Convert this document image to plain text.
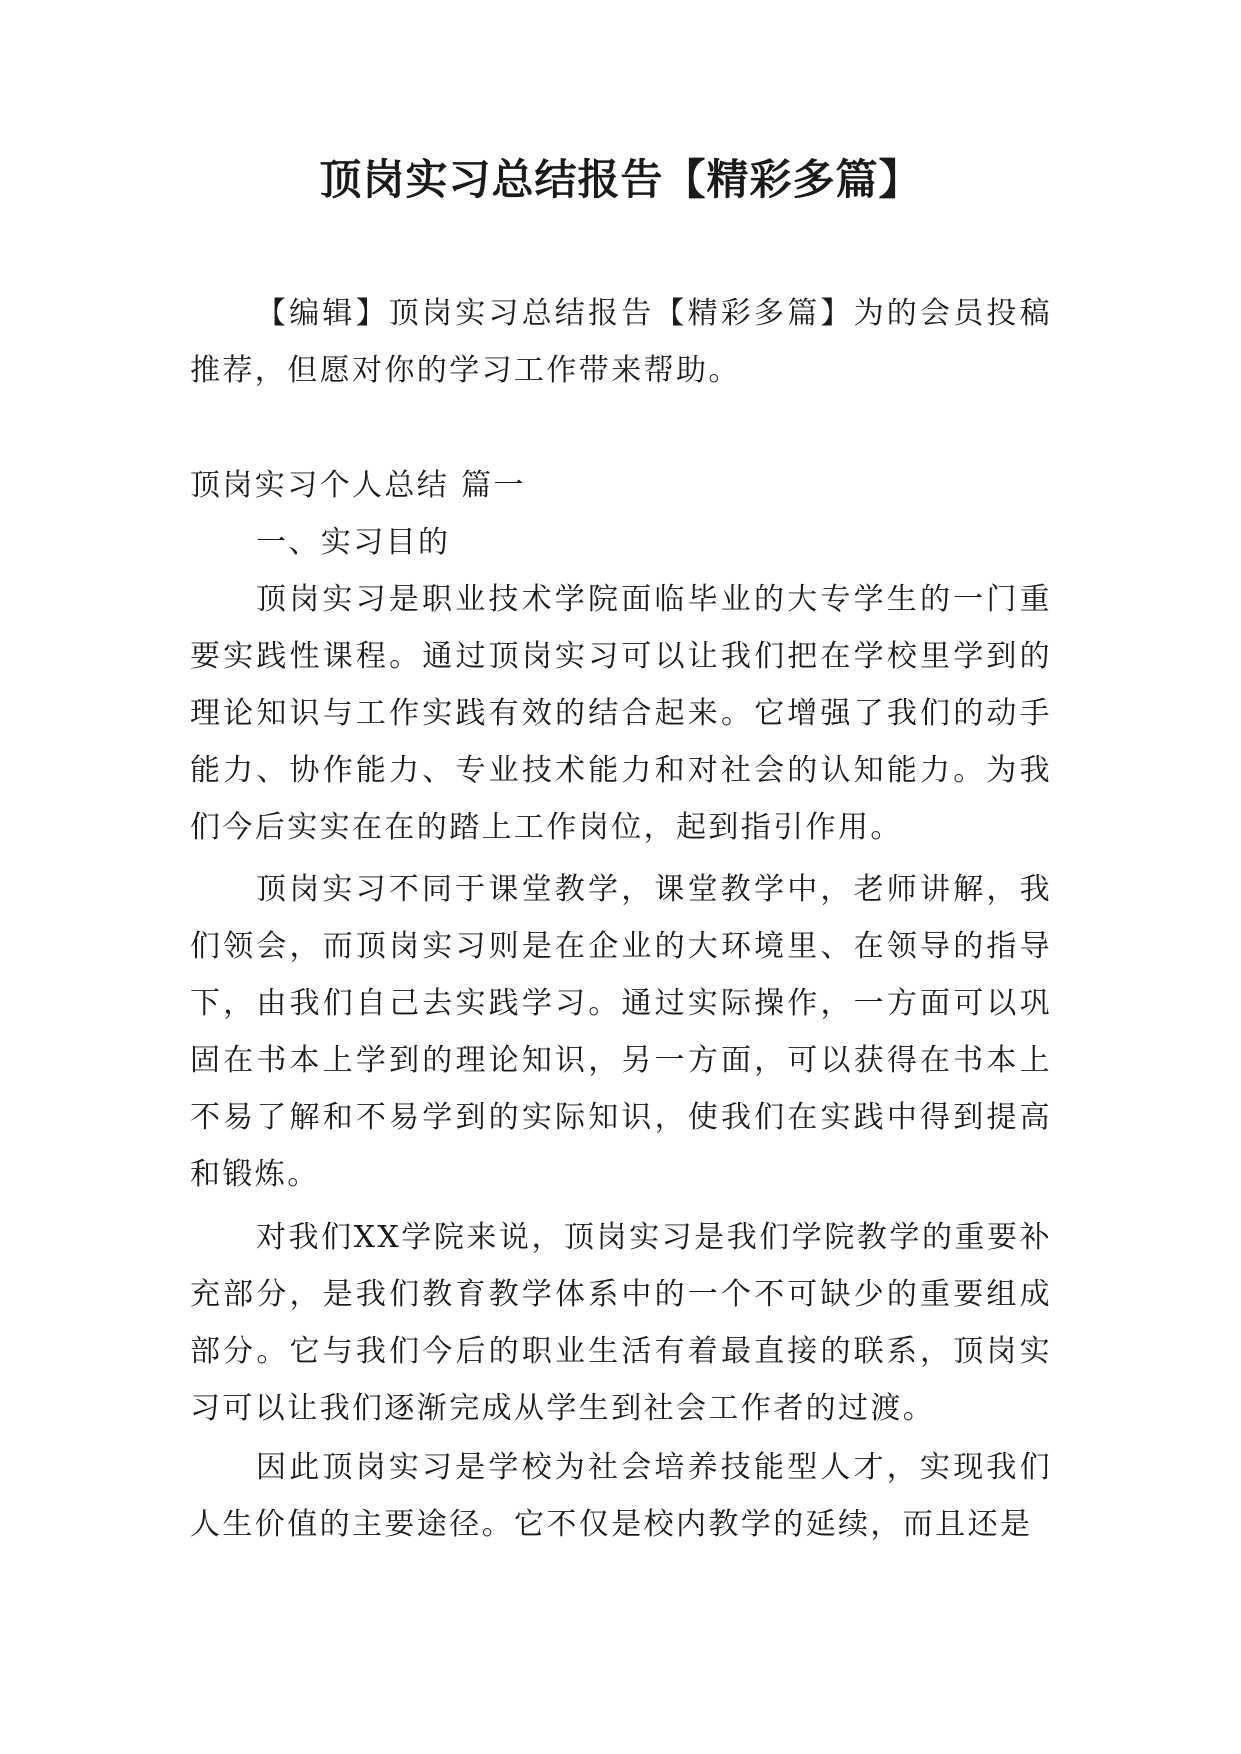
顶岗实习总结报告【精彩多篇】

【编辑】顶岗实习总结报告【精彩多篇】为的会员投稿推荐，但愿对你的学习工作带来帮助。

顶岗实习个人总结 篇一

一、实习目的

顶岗实习是职业技术学院面临毕业的大专学生的一门重要实践性课程。通过顶岗实习可以让我们把在学校里学到的理论知识与工作实践有效的结合起来。它增强了我们的动手能力、协作能力、专业技术能力和对社会的认知能力。为我们今后实实在在的踏上工作岗位，起到指引作用。

顶岗实习不同于课堂教学，课堂教学中，老师讲解，我们领会，而顶岗实习则是在企业的大环境里、在领导的指导下，由我们自己去实践学习。通过实际操作，一方面可以巩固在书本上学到的理论知识，另一方面，可以获得在书本上不易了解和不易学到的实际知识，使我们在实践中得到提高和锻炼。

对我们XX学院来说，顶岗实习是我们学院教学的重要补充部分，是我们教育教学体系中的一个不可缺少的重要组成部分。它与我们今后的职业生活有着最直接的联系，顶岗实习可以让我们逐渐完成从学生到社会工作者的过渡。

因此顶岗实习是学校为社会培养技能型人才，实现我们人生价值的主要途径。它不仅是校内教学的延续，而且还是
